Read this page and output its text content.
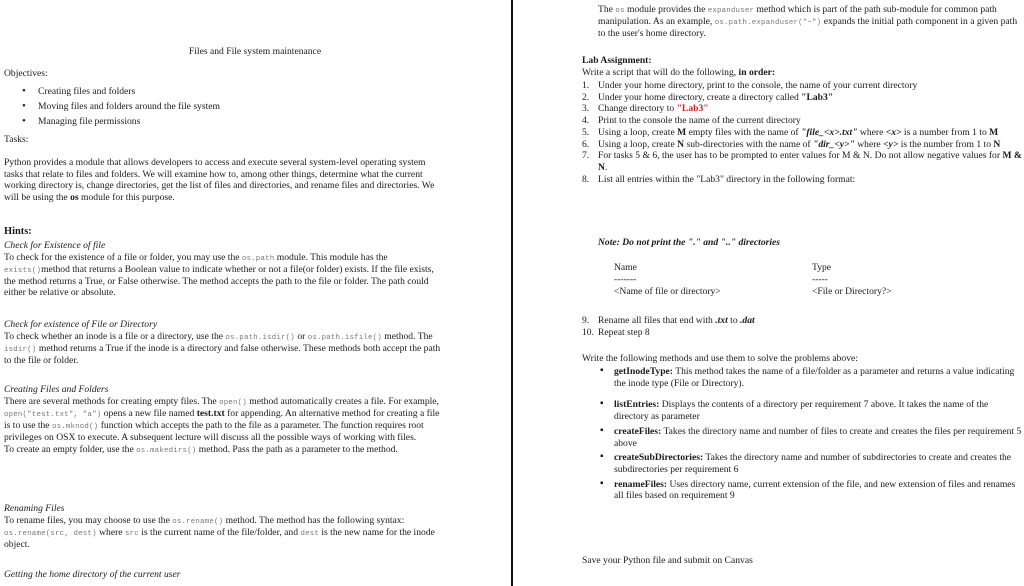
Files and File system maintenance
Objectives:
• Creating files and folders
• Moving files and folders around the file system
• Managing file permissions
Tasks:
Python provides a module that allows developers to access and execute several system-level operating system tasks that relate to files and folders. We will examine how to, among other things, determine what the current working directory is, change directories, get the list of files and directories, and rename files and directories. We will be using the os module for this purpose.
Hints:
Check for Existence of file
To check for the existence of a file or folder, you may use the os.path module. This module has the exists()method that returns a Boolean value to indicate whether or not a file(or folder) exists. If the file exists, the method returns a True, or False otherwise. The method accepts the path to the file or folder. The path could either be relative or absolute.
Check for existence of File or Directory
To check whether an inode is a file or a directory, use the os.path.isdir() or os.path.isfile() method. The isdir() method returns a True if the inode is a directory and false otherwise. These methods both accept the path to the file or folder.
Creating Files and Folders
There are several methods for creating empty files. The open() method automatically creates a file. For example, open("test.txt", "a") opens a new file named test.txt for appending. An alternative method for creating a file is to use the os.mknod() function which accepts the path to the file as a parameter. The function requires root privileges on OSX to execute. A subsequent lecture will discuss all the possible ways of working with files.
To create an empty folder, use the os.makedirs() method. Pass the path as a parameter to the method.
Renaming Files
To rename files, you may choose to use the os.rename() method. The method has the following syntax: os.rename(src, dest) where src is the current name of the file/folder, and dest is the new name for the inode object.
Getting the home directory of the current user
The os module provides the expanduser method which is part of the path sub-module for common path manipulation. As an example, os.path.expanduser("~") expands the initial path component in a given path to the user's home directory.
Lab Assignment:
Write a script that will do the following, in order:
1. Under your home directory, print to the console, the name of your current directory
2. Under your home directory, create a directory called "Lab3"
3. Change directory to "Lab3"
4. Print to the console the name of the current directory
5. Using a loop, create M empty files with the name of "file_<x>.txt" where <x> is a number from 1 to M
6. Using a loop, create N sub-directories with the name of "dir_<y>" where <y> is the number from 1 to N
7. For tasks 5 & 6, the user has to be prompted to enter values for M & N. Do not allow negative values for M & N.
8. List all entries within the "Lab3" directory in the following format:
Note: Do not print the "." and ".." directories
Name	Type
-------	-----
<Name of file or directory>	<File or Directory?>
9. Rename all files that end with .txt to .dat
10. Repeat step 8
Write the following methods and use them to solve the problems above:
▪ getInodeType: This method takes the name of a file/folder as a parameter and returns a value indicating the inode type (File or Directory).
▪ listEntries: Displays the contents of a directory per requirement 7 above. It takes the name of the directory as parameter
▪ createFiles: Takes the directory name and number of files to create and creates the files per requirement 5 above
▪ createSubDirectories: Takes the directory name and number of subdirectories to create and creates the subdirectories per requirement 6
▪ renameFiles: Uses directory name, current extension of the file, and new extension of files and renames all files based on requirement 9
Save your Python file and submit on Canvas
